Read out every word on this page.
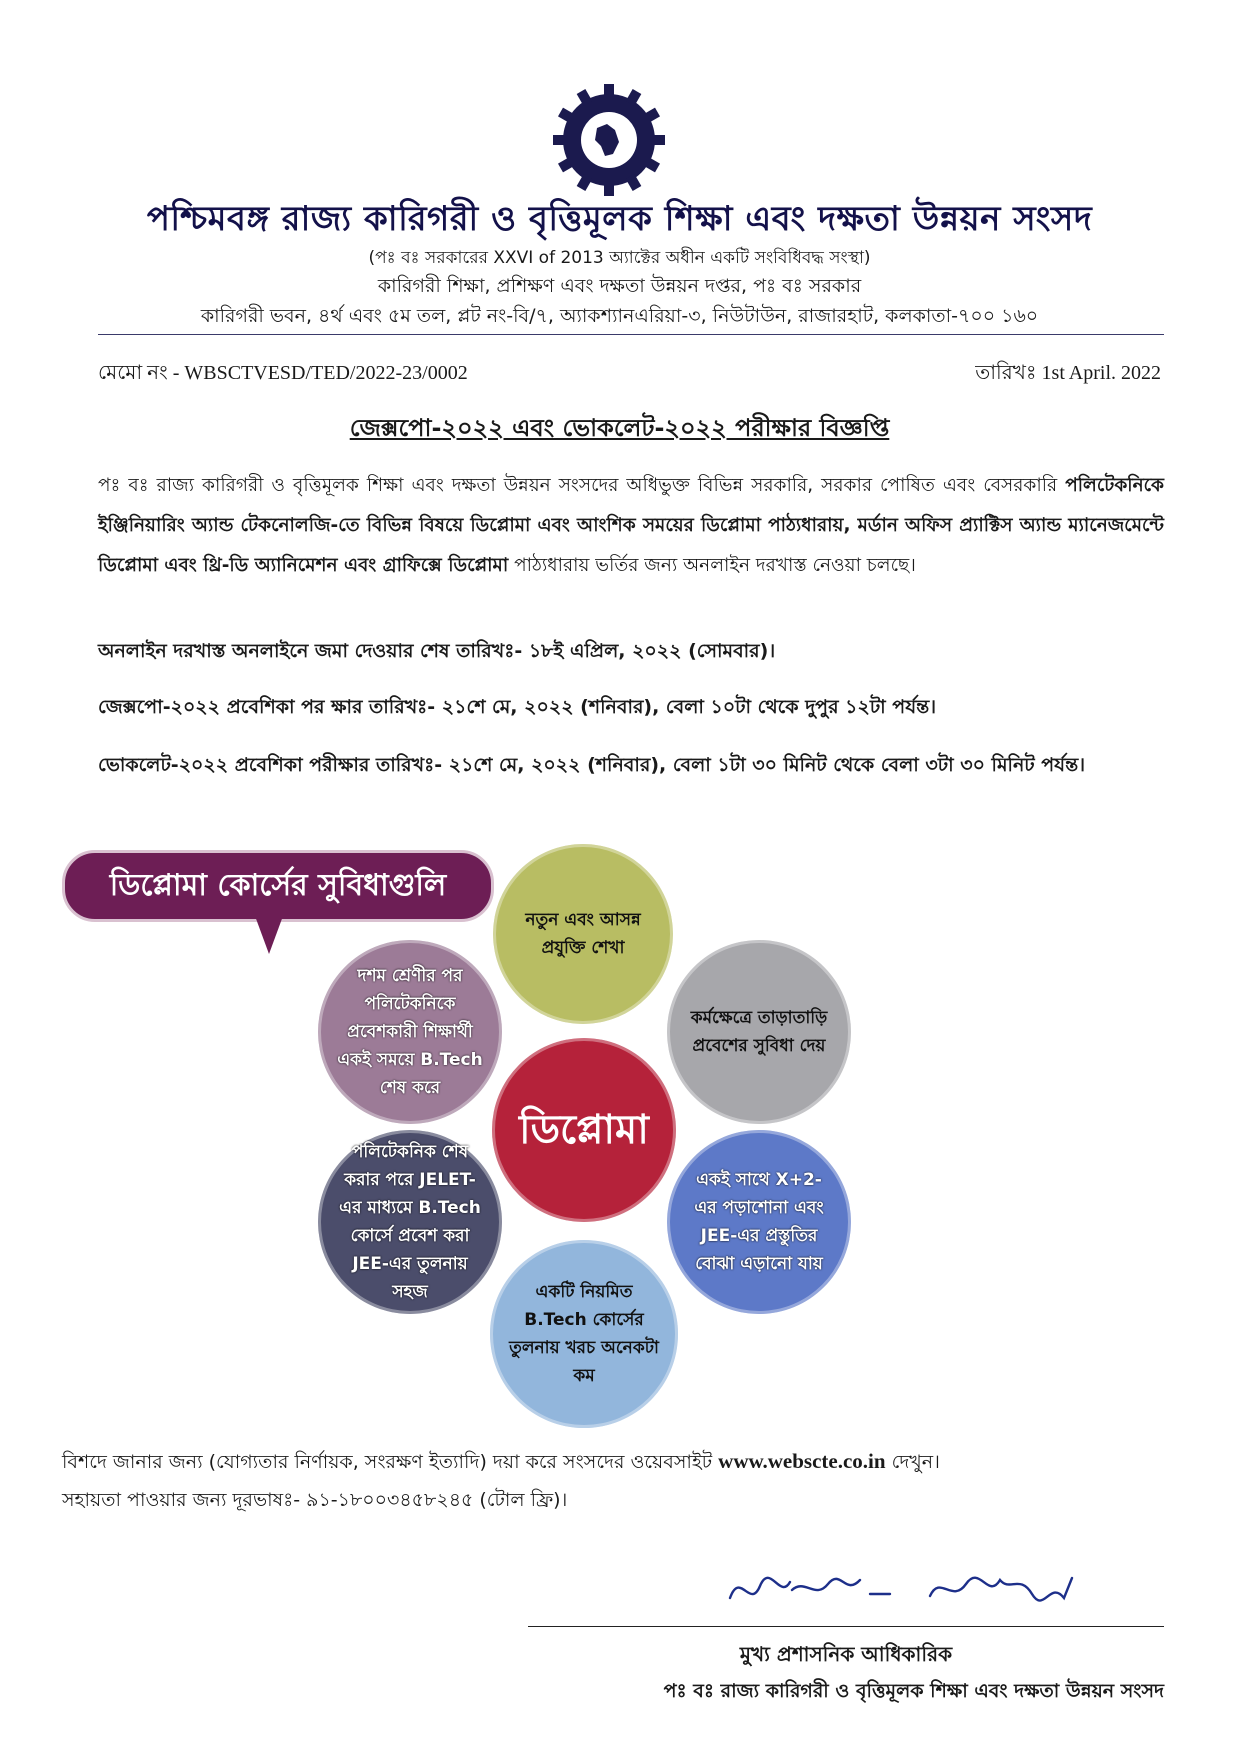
পশ্চিমবঙ্গ রাজ্য কারিগরী ও বৃত্তিমূলক শিক্ষা এবং দক্ষতা উন্নয়ন সংসদ
(পঃ বঃ সরকারের XXVI of 2013 অ্যাক্টের অধীন একটি সংবিধিবদ্ধ সংস্থা)
কারিগরী শিক্ষা, প্রশিক্ষণ এবং দক্ষতা উন্নয়ন দপ্তর, পঃ বঃ সরকার
কারিগরী ভবন, ৪র্থ এবং ৫ম তল, প্লট নং-বি/৭, অ্যাকশ্যানএরিয়া-৩, নিউটাউন, রাজারহাট, কলকাতা-৭০০ ১৬০
মেমো নং - WBSCTVESD/TED/2022-23/0002	তারিখঃ 1st April. 2022
জেক্সপো-২০২২ এবং ভোকলেট-২০২২ পরীক্ষার বিজ্ঞপ্তি
পঃ বঃ রাজ্য কারিগরী ও বৃত্তিমূলক শিক্ষা এবং দক্ষতা উন্নয়ন সংসদের অধিভুক্ত বিভিন্ন সরকারি, সরকার পোষিত এবং বেসরকারি পলিটেকনিকে ইঞ্জিনিয়ারিং অ্যান্ড টেকনোলজি-তে বিভিন্ন বিষয়ে ডিপ্লোমা এবং আংশিক সময়ের ডিপ্লোমা পাঠ্যধারায়, মর্ডান অফিস প্র্যাক্টিস অ্যান্ড ম্যানেজমেন্টে ডিপ্লোমা এবং থ্রি-ডি অ্যানিমেশন এবং গ্রাফিক্সে ডিপ্লোমা পাঠ্যধারায় ভর্তির জন্য অনলাইন দরখাস্ত নেওয়া চলছে।
অনলাইন দরখাস্ত অনলাইনে জমা দেওয়ার শেষ তারিখঃ- ১৮ই এপ্রিল, ২০২২ (সোমবার)।
জেক্সপো-২০২২ প্রবেশিকা পর ক্ষার তারিখঃ- ২১শে মে, ২০২২ (শনিবার), বেলা ১০টা থেকে দুপুর ১২টা পর্যন্ত।
ভোকলেট-২০২২ প্রবেশিকা পরীক্ষার তারিখঃ- ২১শে মে, ২০২২ (শনিবার), বেলা ১টা ৩০ মিনিট থেকে বেলা ৩টা ৩০ মিনিট পর্যন্ত।
ডিপ্লোমা কোর্সের সুবিধাগুলি
নতুন এবং আসন্ন প্রযুক্তি শেখা
দশম শ্রেণীর পর পলিটেকনিকে প্রবেশকারী শিক্ষার্থী একই সময়ে B.Tech শেষ করে
কর্মক্ষেত্রে তাড়াতাড়ি প্রবেশের সুবিধা দেয়
ডিপ্লোমা
পলিটেকনিক শেষ করার পরে JELET-এর মাধ্যমে B.Tech কোর্সে প্রবেশ করা JEE-এর তুলনায় সহজ
একই সাথে X+2-এর পড়াশোনা এবং JEE-এর প্রস্তুতির বোঝা এড়ানো যায়
একটি নিয়মিত B.Tech কোর্সের তুলনায় খরচ অনেকটা কম
বিশদে জানার জন্য (যোগ্যতার নির্ণায়ক, সংরক্ষণ ইত্যাদি) দয়া করে সংসদের ওয়েবসাইট www.webscte.co.in দেখুন।
সহায়তা পাওয়ার জন্য দূরভাষঃ- ৯১-১৮০০৩৪৫৮২৪৫ (টোল ফ্রি)।
মুখ্য প্রশাসনিক আধিকারিক
পঃ বঃ রাজ্য কারিগরী ও বৃত্তিমূলক শিক্ষা এবং দক্ষতা উন্নয়ন সংসদ
